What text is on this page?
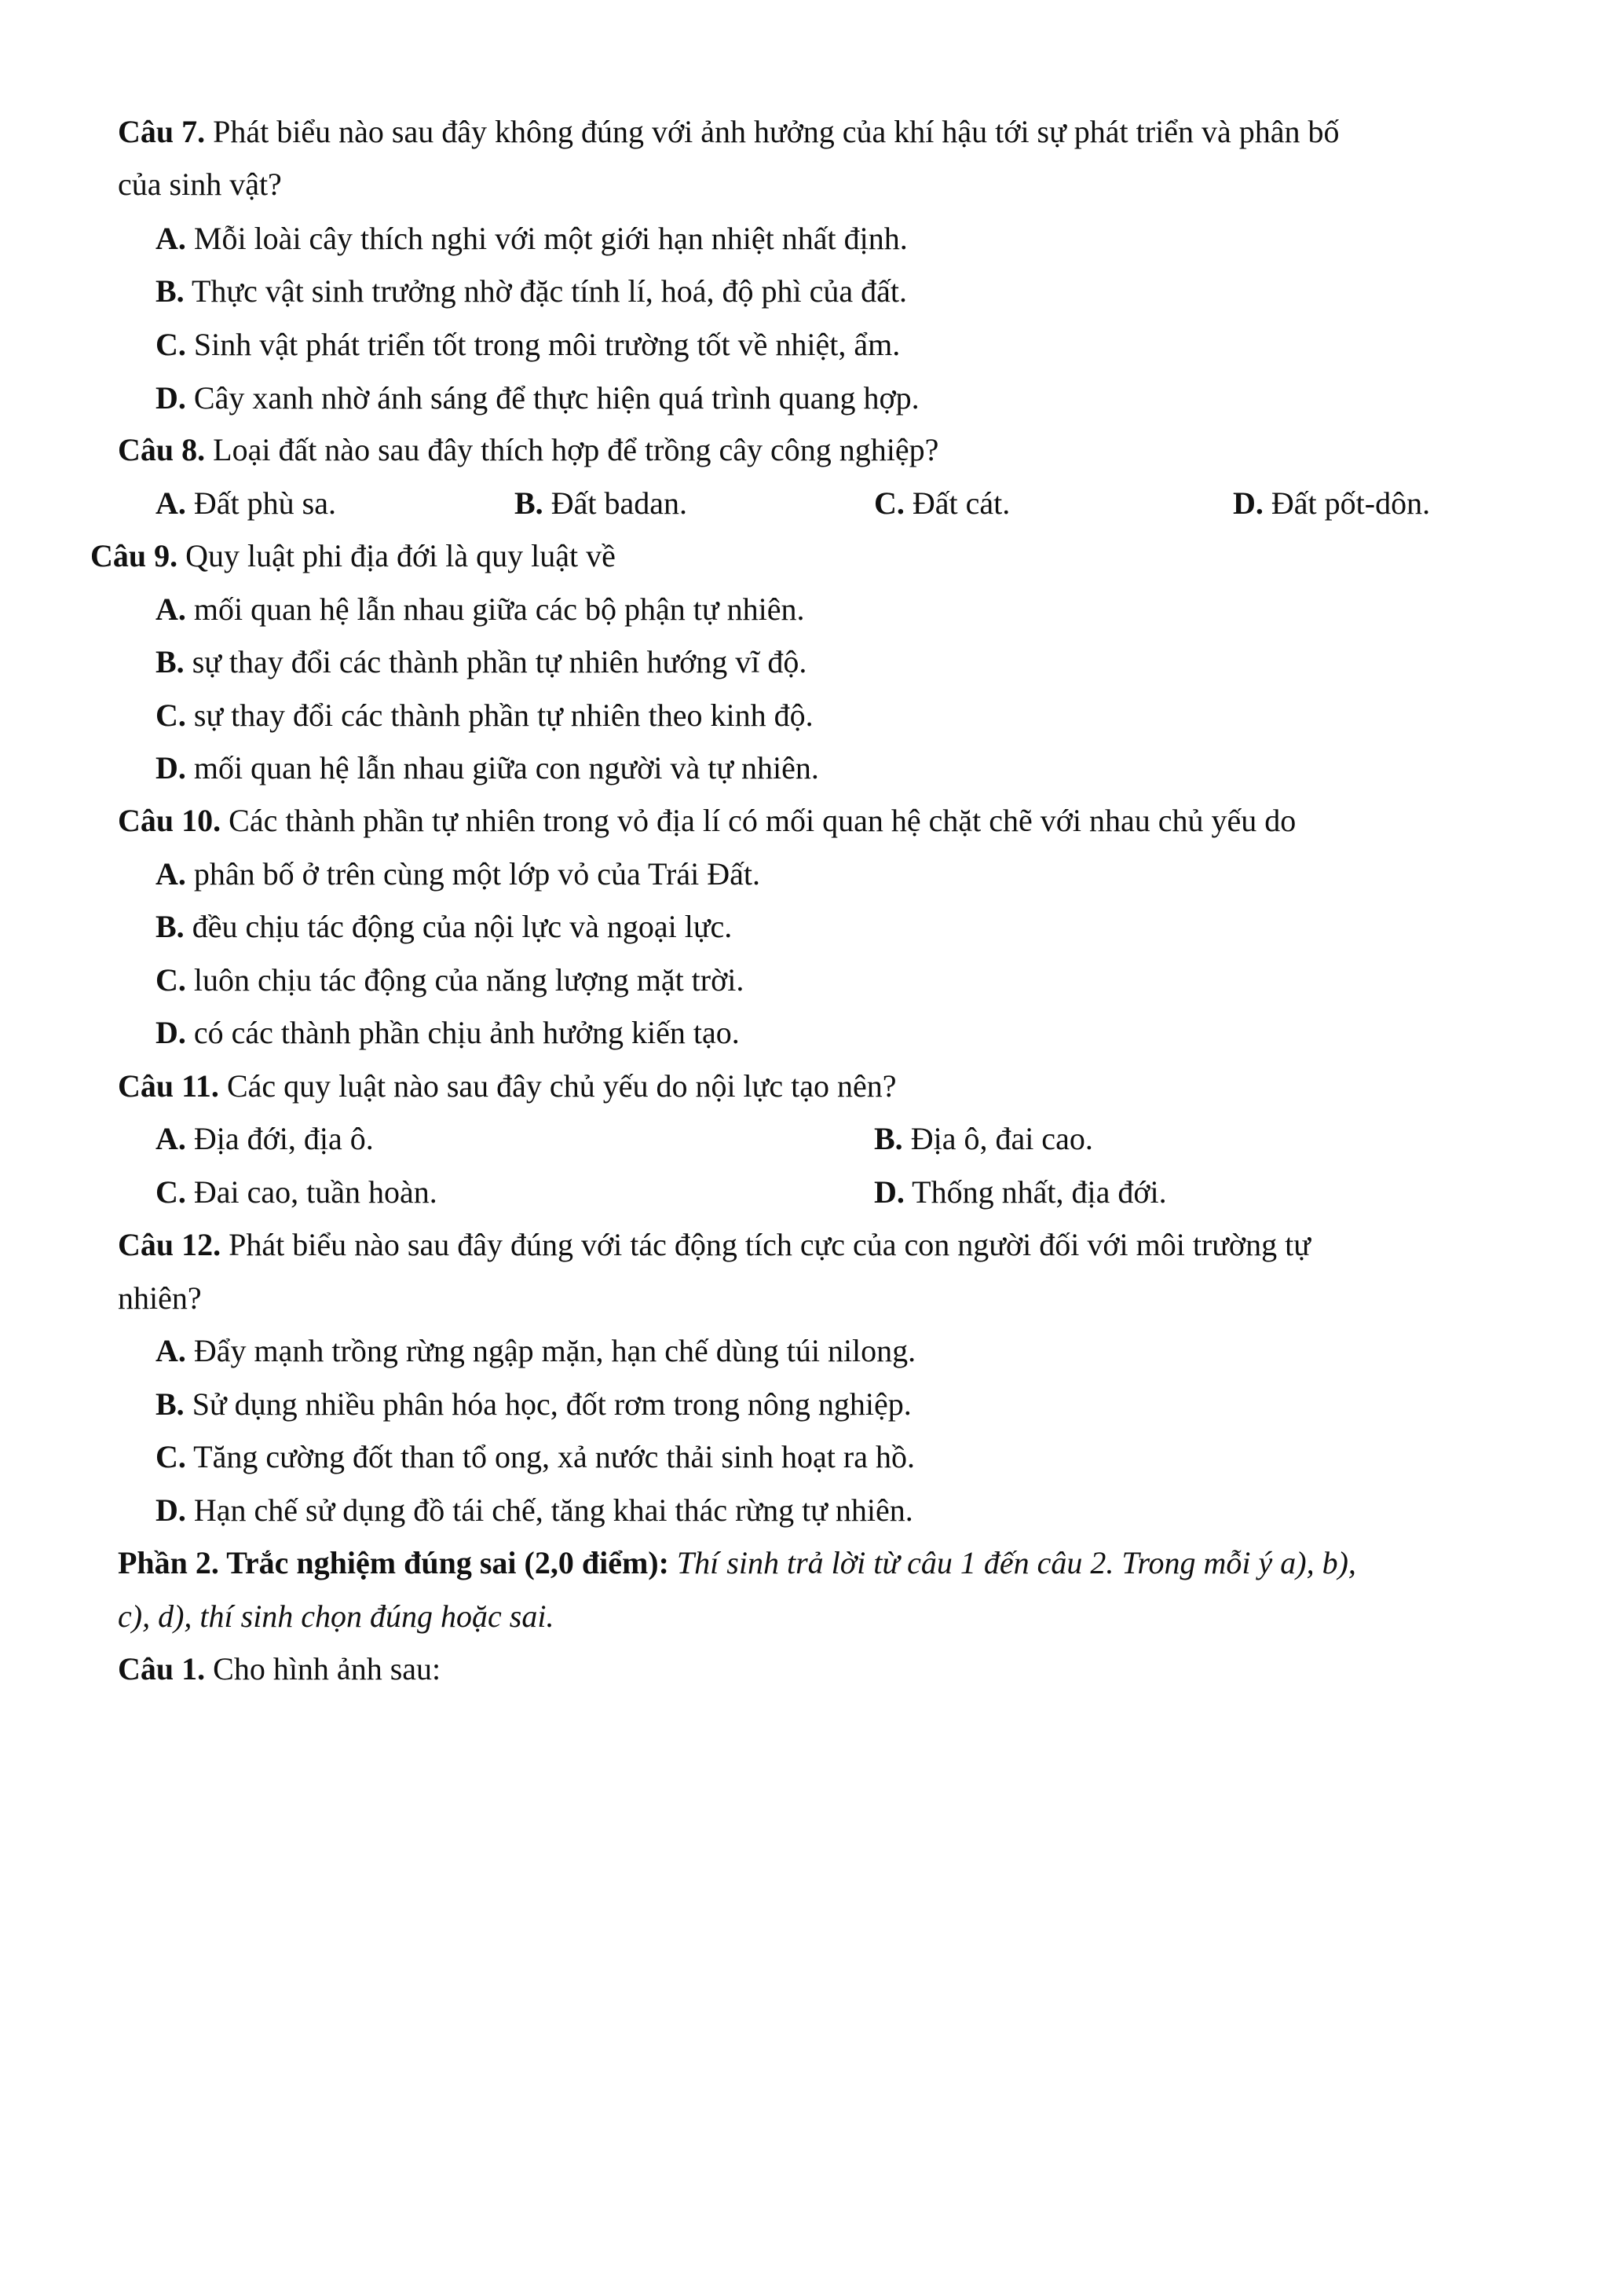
Câu 7. Phát biểu nào sau đây không đúng với ảnh hưởng của khí hậu tới sự phát triển và phân bố
của sinh vật?
A. Mỗi loài cây thích nghi với một giới hạn nhiệt nhất định.
B. Thực vật sinh trưởng nhờ đặc tính lí, hoá, độ phì của đất.
C. Sinh vật phát triển tốt trong môi trường tốt về nhiệt, ẩm.
D. Cây xanh nhờ ánh sáng để thực hiện quá trình quang hợp.
Câu 8. Loại đất nào sau đây thích hợp để trồng cây công nghiệp?
A. Đất phù sa.	B. Đất badan.	C. Đất cát.	D. Đất pốt-dôn.
Câu 9. Quy luật phi địa đới là quy luật về
A. mối quan hệ lẫn nhau giữa các bộ phận tự nhiên.
B. sự thay đổi các thành phần tự nhiên hướng vĩ độ.
C. sự thay đổi các thành phần tự nhiên theo kinh độ.
D. mối quan hệ lẫn nhau giữa con người và tự nhiên.
Câu 10. Các thành phần tự nhiên trong vỏ địa lí có mối quan hệ chặt chẽ với nhau chủ yếu do
A. phân bố ở trên cùng một lớp vỏ của Trái Đất.
B. đều chịu tác động của nội lực và ngoại lực.
C. luôn chịu tác động của năng lượng mặt trời.
D. có các thành phần chịu ảnh hưởng kiến tạo.
Câu 11. Các quy luật nào sau đây chủ yếu do nội lực tạo nên?
A. Địa đới, địa ô.	B. Địa ô, đai cao.
C. Đai cao, tuần hoàn.	D. Thống nhất, địa đới.
Câu 12. Phát biểu nào sau đây đúng với tác động tích cực của con người đối với môi trường tự
nhiên?
A. Đẩy mạnh trồng rừng ngập mặn, hạn chế dùng túi nilong.
B. Sử dụng nhiều phân hóa học, đốt rơm trong nông nghiệp.
C. Tăng cường đốt than tổ ong, xả nước thải sinh hoạt ra hồ.
D. Hạn chế sử dụng đồ tái chế, tăng khai thác rừng tự nhiên.
Phần 2. Trắc nghiệm đúng sai (2,0 điểm): Thí sinh trả lời từ câu 1 đến câu 2. Trong mỗi ý a), b),
c), d), thí sinh chọn đúng hoặc sai.
Câu 1. Cho hình ảnh sau:
